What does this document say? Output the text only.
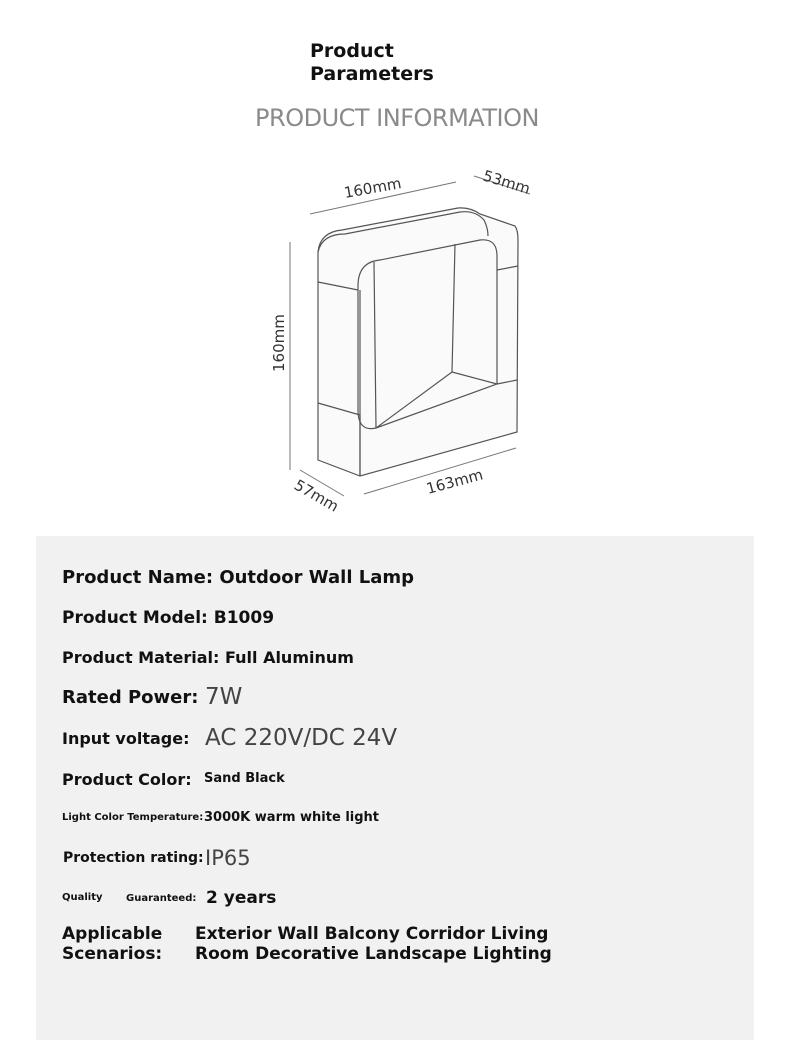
Product
Parameters
PRODUCT INFORMATION
160mm	53mm
160mm
57mm	163mm
Product Name: Outdoor Wall Lamp
Product Model: B1009
Product Material: Full Aluminum
Rated Power: 7W
Input voltage: AC 220V/DC 24V
Product Color: Sand Black
Light Color Temperature: 3000K warm white light
Protection rating: IP65
Quality Guaranteed: 2 years
Applicable
Scenarios:
Exterior Wall Balcony Corridor Living
Room Decorative Landscape Lighting
